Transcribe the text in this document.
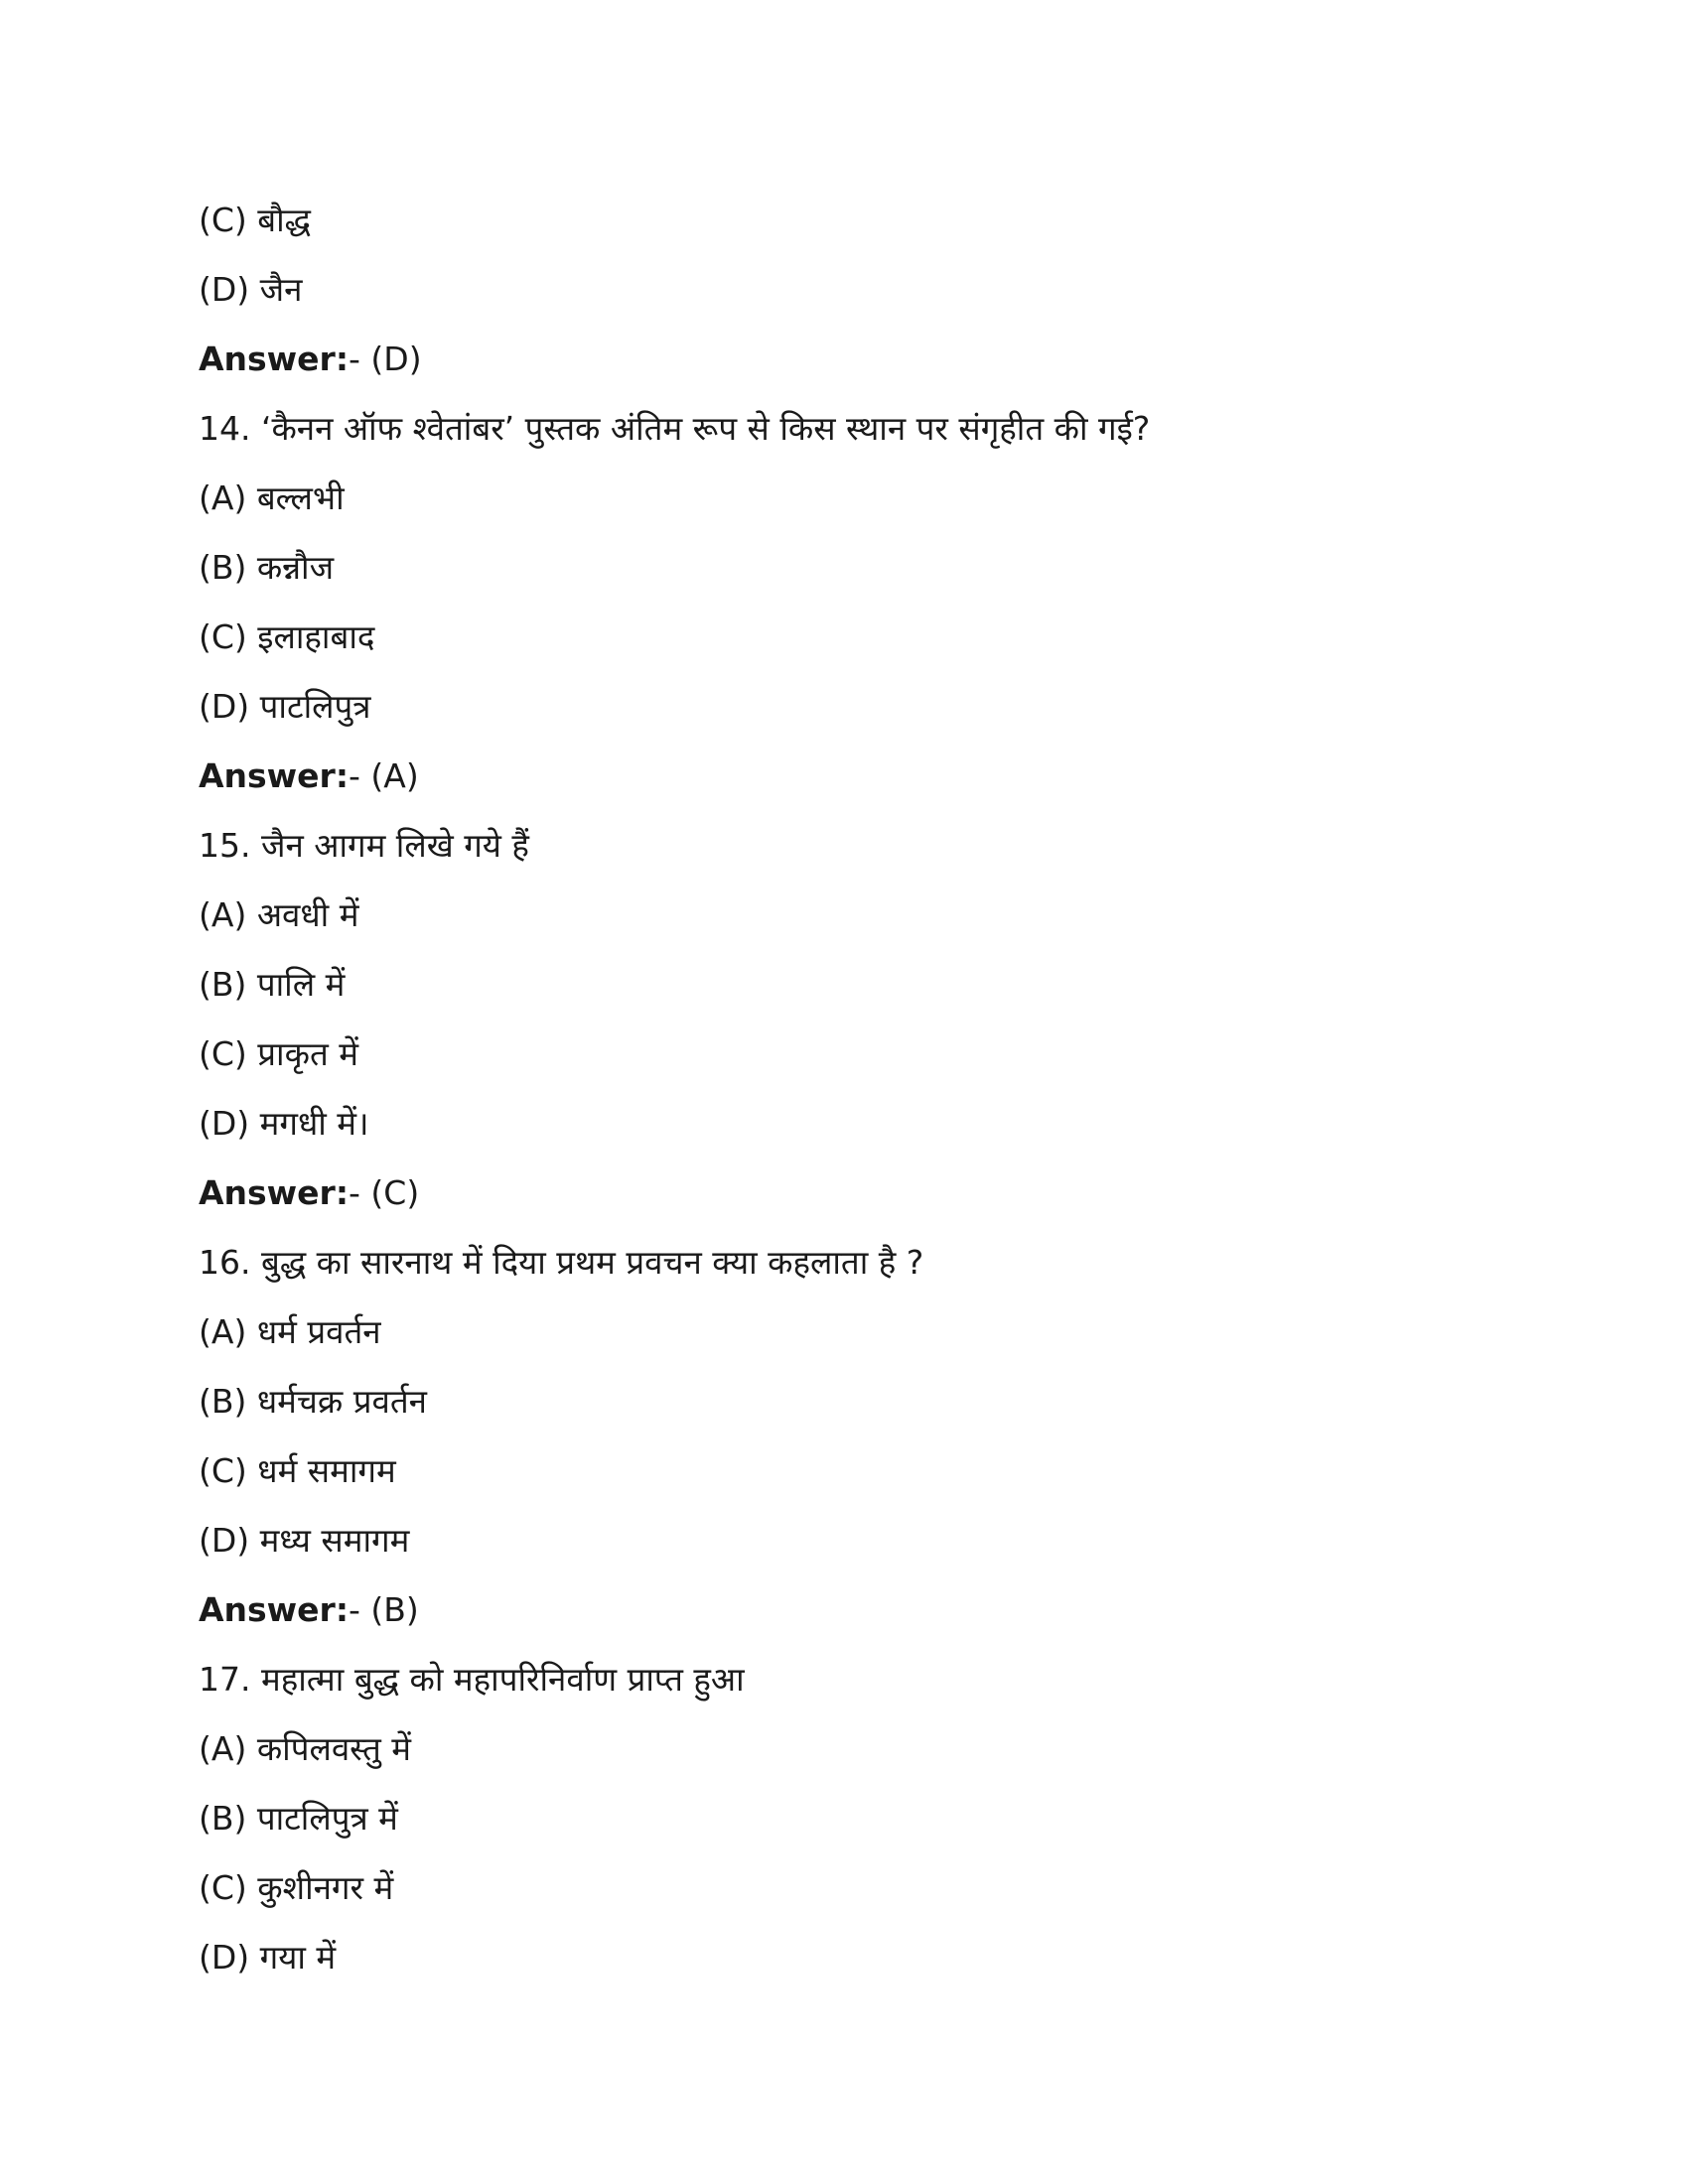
(C) बौद्ध
(D) जैन
Answer:- (D)
14. ‘कैनन ऑफ श्वेतांबर’ पुस्तक अंतिम रूप से किस स्थान पर संगृहीत की गई?
(A) बल्लभी
(B) कन्नौज
(C) इलाहाबाद
(D) पाटलिपुत्र
Answer:- (A)
15. जैन आगम लिखे गये हैं
(A) अवधी में
(B) पालि में
(C) प्राकृत में
(D) मगधी में।
Answer:- (C)
16. बुद्ध का सारनाथ में दिया प्रथम प्रवचन क्या कहलाता है ?
(A) धर्म प्रवर्तन
(B) धर्मचक्र प्रवर्तन
(C) धर्म समागम
(D) मध्य समागम
Answer:- (B)
17. महात्मा बुद्ध को महापरिनिर्वाण प्राप्त हुआ
(A) कपिलवस्तु में
(B) पाटलिपुत्र में
(C) कुशीनगर में
(D) गया में
